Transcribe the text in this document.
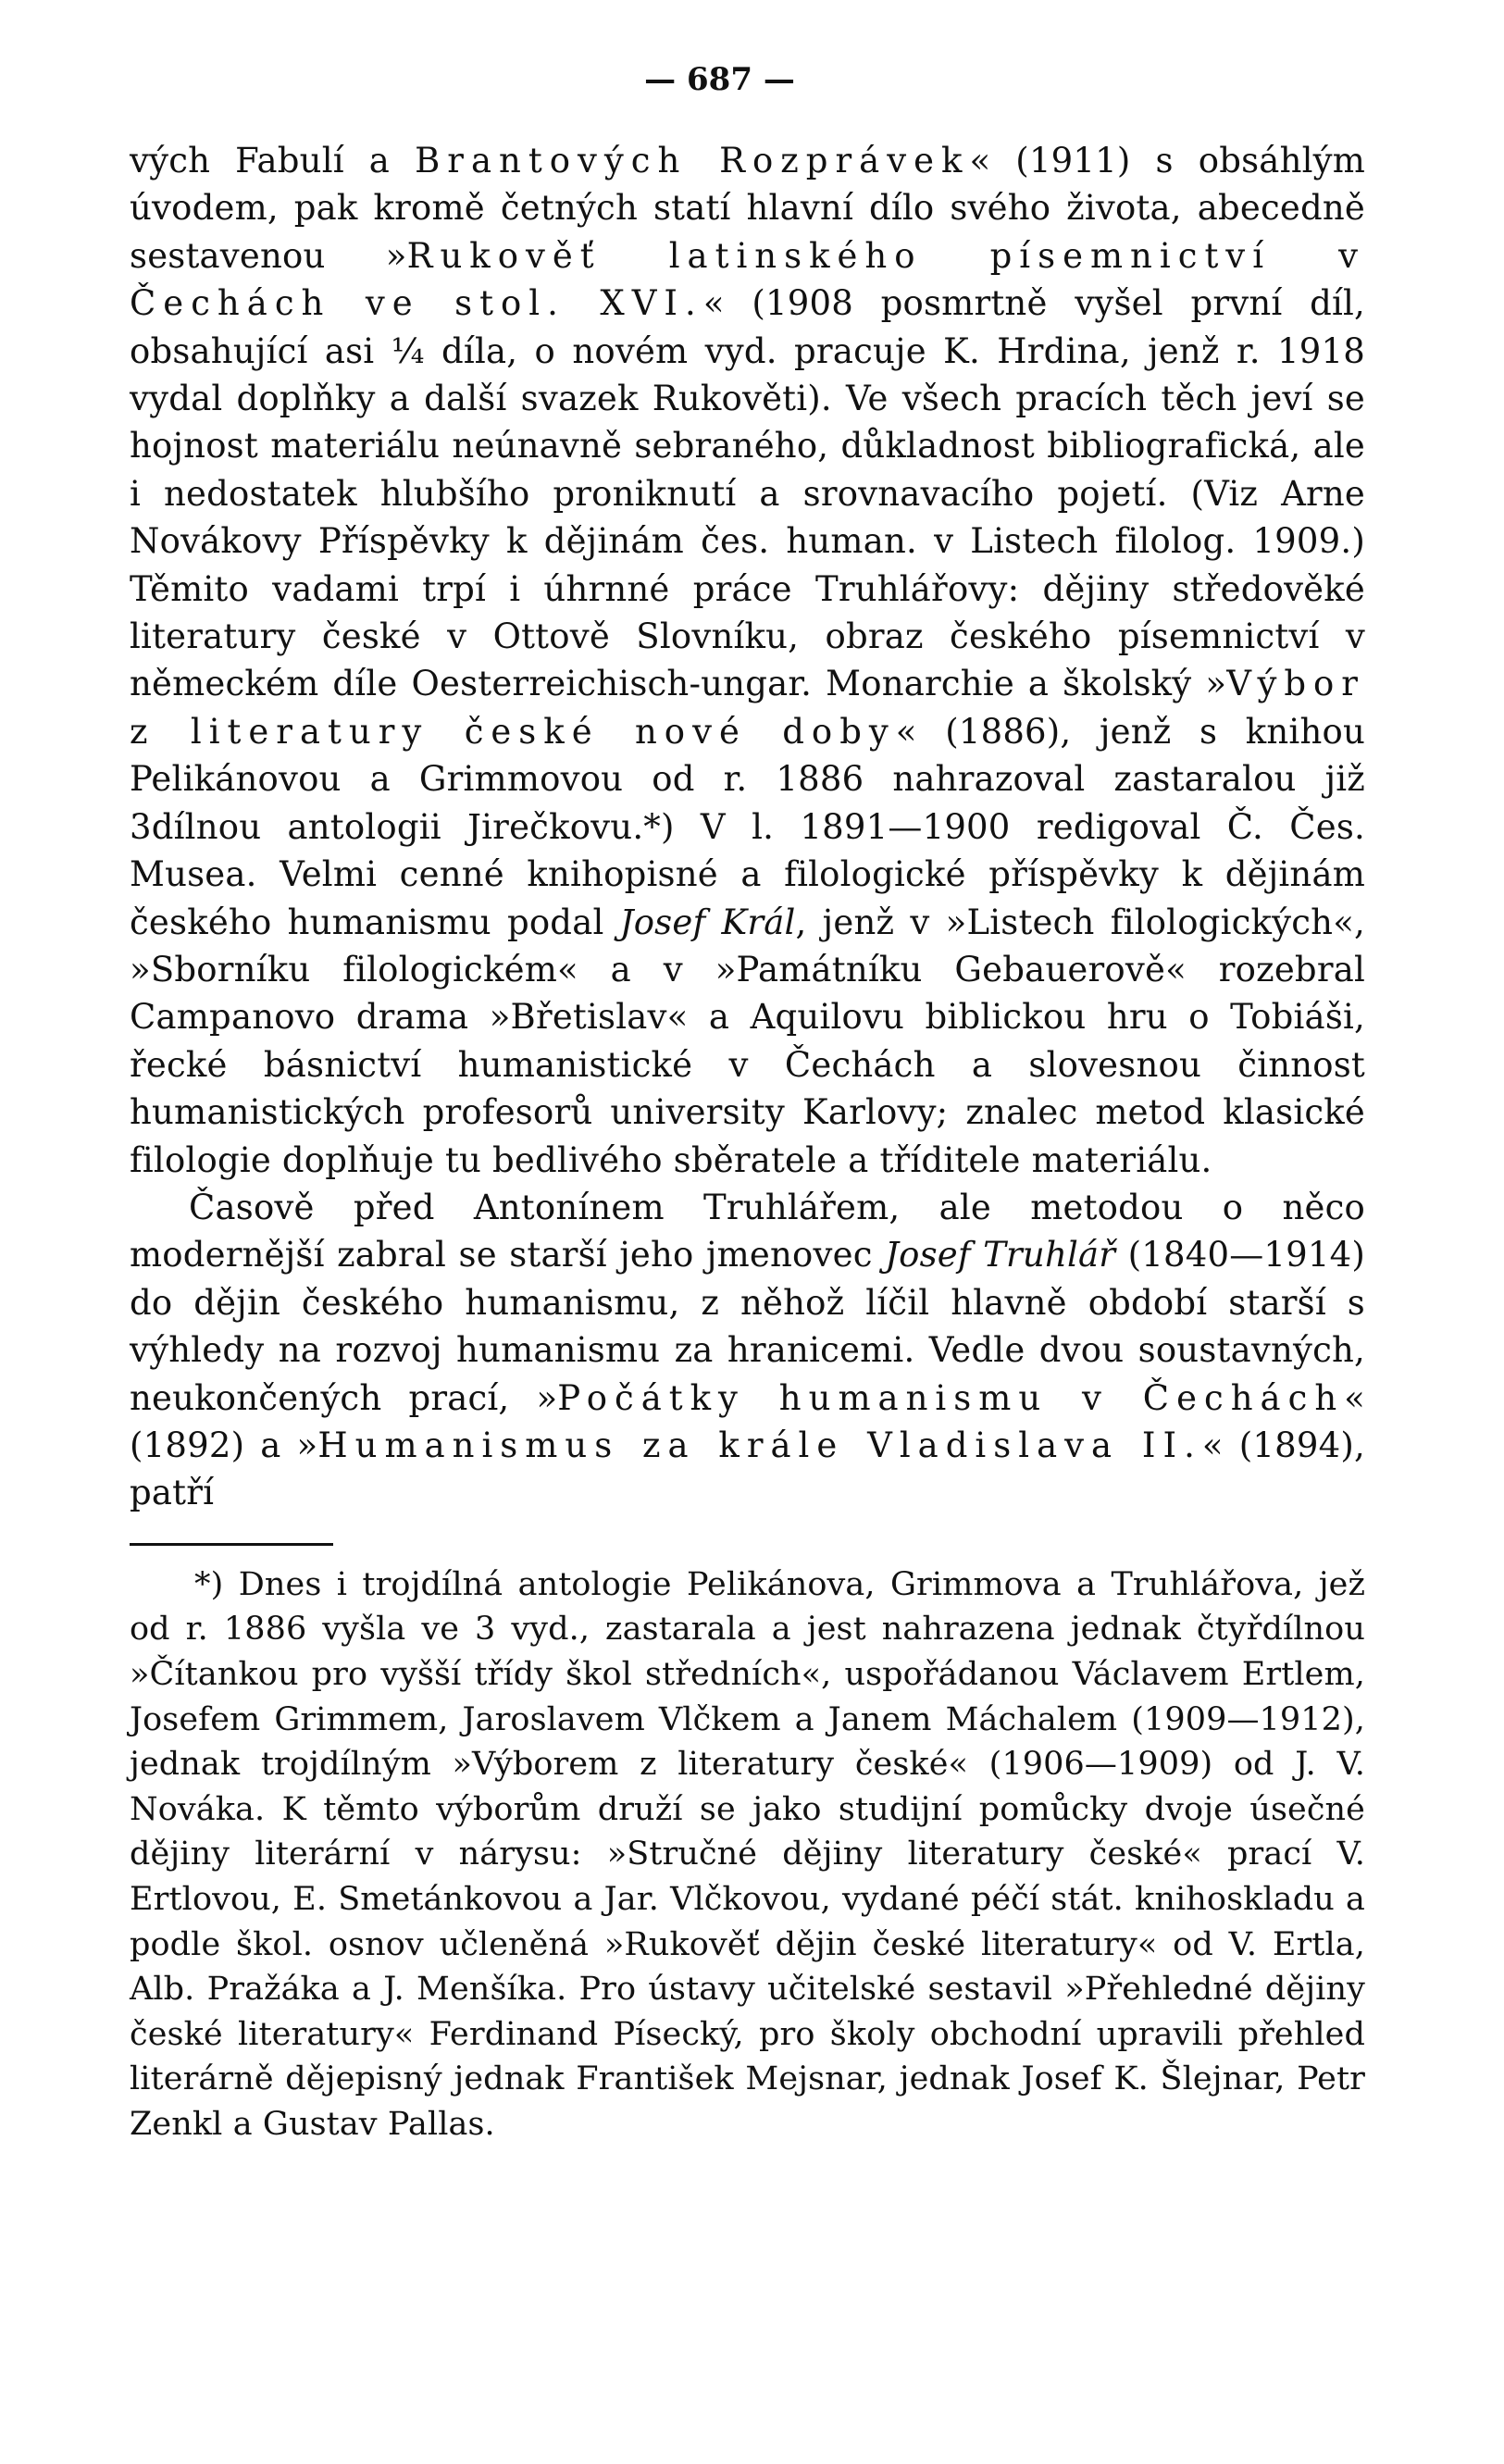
— 687 —

vých Fabulí a Brantových Rozprávek« (1911) s obsáhlým úvodem, pak kromě četných statí hlavní dílo svého života, abecedně sestavenou »Rukověť latinského písemnictví v Čechách ve stol. XVI.« (1908 posmrtně vyšel první díl, obsahující asi ¼ díla, o novém vyd. pracuje K. Hrdina, jenž r. 1918 vydal doplňky a další svazek Rukověti). Ve všech pracích těch jeví se hojnost materiálu neúnavně sebraného, důkladnost bibliografická, ale i nedostatek hlubšího proniknutí a srovnavacího pojetí. (Viz Arne Novákovy Příspěvky k dějinám čes. human. v Listech filolog. 1909.) Těmito vadami trpí i úhrnné práce Truhlářovy: dějiny středověké literatury české v Ottově Slovníku, obraz českého písemnictví v německém díle Oesterreichisch-ungar. Monarchie a školský »Výbor z literatury české nové doby« (1886), jenž s knihou Pelikánovou a Grimmovou od r. 1886 nahrazoval zastaralou již 3dílnou antologii Jirečkovu.*) V l. 1891—1900 redigoval Č. Čes. Musea. Velmi cenné knihopisné a filologické příspěvky k dějinám českého humanismu podal Josef Král, jenž v »Listech filologických«, »Sborníku filologickém« a v »Památníku Gebauerově« rozebral Campanovo drama »Břetislav« a Aquilovu biblickou hru o Tobiáši, řecké básnictví humanistické v Čechách a slovesnou činnost humanistických profesorů university Karlovy; znalec metod klasické filologie doplňuje tu bedlivého sběratele a tříditele materiálu.

Časově před Antonínem Truhlářem, ale metodou o něco modernější zabral se starší jeho jmenovec Josef Truhlář (1840—1914) do dějin českého humanismu, z něhož líčil hlavně období starší s výhledy na rozvoj humanismu za hranicemi. Vedle dvou soustavných, neukončených prací, »Počátky humanismu v Čechách« (1892) a »Humanismus za krále Vladislava II.« (1894), patří

*) Dnes i trojdílná antologie Pelikánova, Grimmova a Truhlářova, jež od r. 1886 vyšla ve 3 vyd., zastarala a jest nahrazena jednak čtyřdílnou »Čítankou pro vyšší třídy škol středních«, uspořádanou Václavem Ertlem, Josefem Grimmem, Jaroslavem Vlčkem a Janem Máchalem (1909—1912), jednak trojdílným »Výborem z literatury české« (1906—1909) od J. V. Nováka. K těmto výborům druží se jako studijní pomůcky dvoje úsečné dějiny literární v nárysu: »Stručné dějiny literatury české« prací V. Ertlovou, E. Smetánkovou a Jar. Vlčkovou, vydané péčí stát. knihoskladu a podle škol. osnov učleněná »Rukověť dějin české literatury« od V. Ertla, Alb. Pražáka a J. Menšíka. Pro ústavy učitelské sestavil »Přehledné dějiny české literatury« Ferdinand Písecký, pro školy obchodní upravili přehled literárně dějepisný jednak František Mejsnar, jednak Josef K. Šlejnar, Petr Zenkl a Gustav Pallas.
